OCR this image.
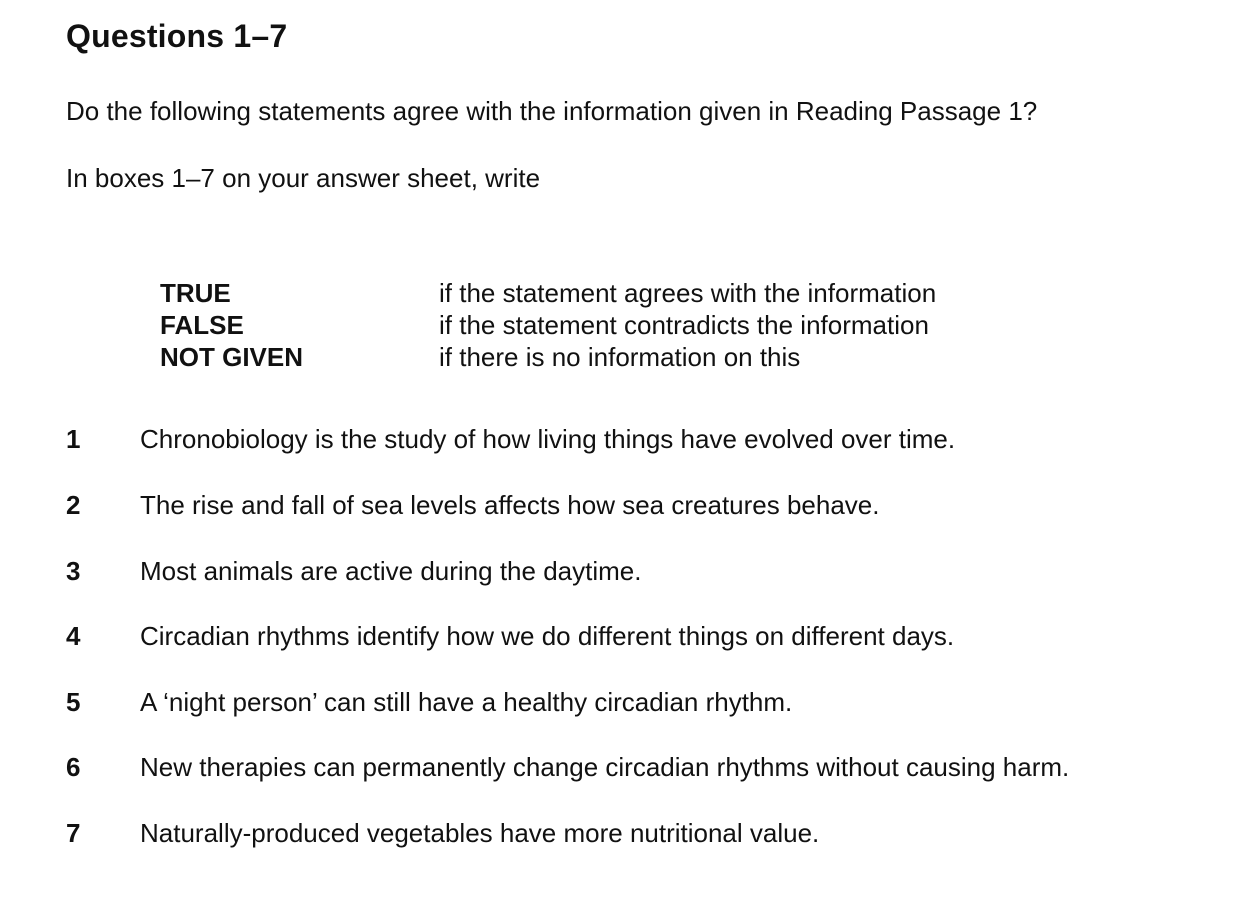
Questions 1–7

Do the following statements agree with the information given in Reading Passage 1?

In boxes 1–7 on your answer sheet, write

TRUE	if the statement agrees with the information
FALSE	if the statement contradicts the information
NOT GIVEN	if there is no information on this
1 Chronobiology is the study of how living things have evolved over time.
2 The rise and fall of sea levels affects how sea creatures behave.
3 Most animals are active during the daytime.
4 Circadian rhythms identify how we do different things on different days.
5 A ‘night person’ can still have a healthy circadian rhythm.
6 New therapies can permanently change circadian rhythms without causing harm.
7 Naturally-produced vegetables have more nutritional value.
